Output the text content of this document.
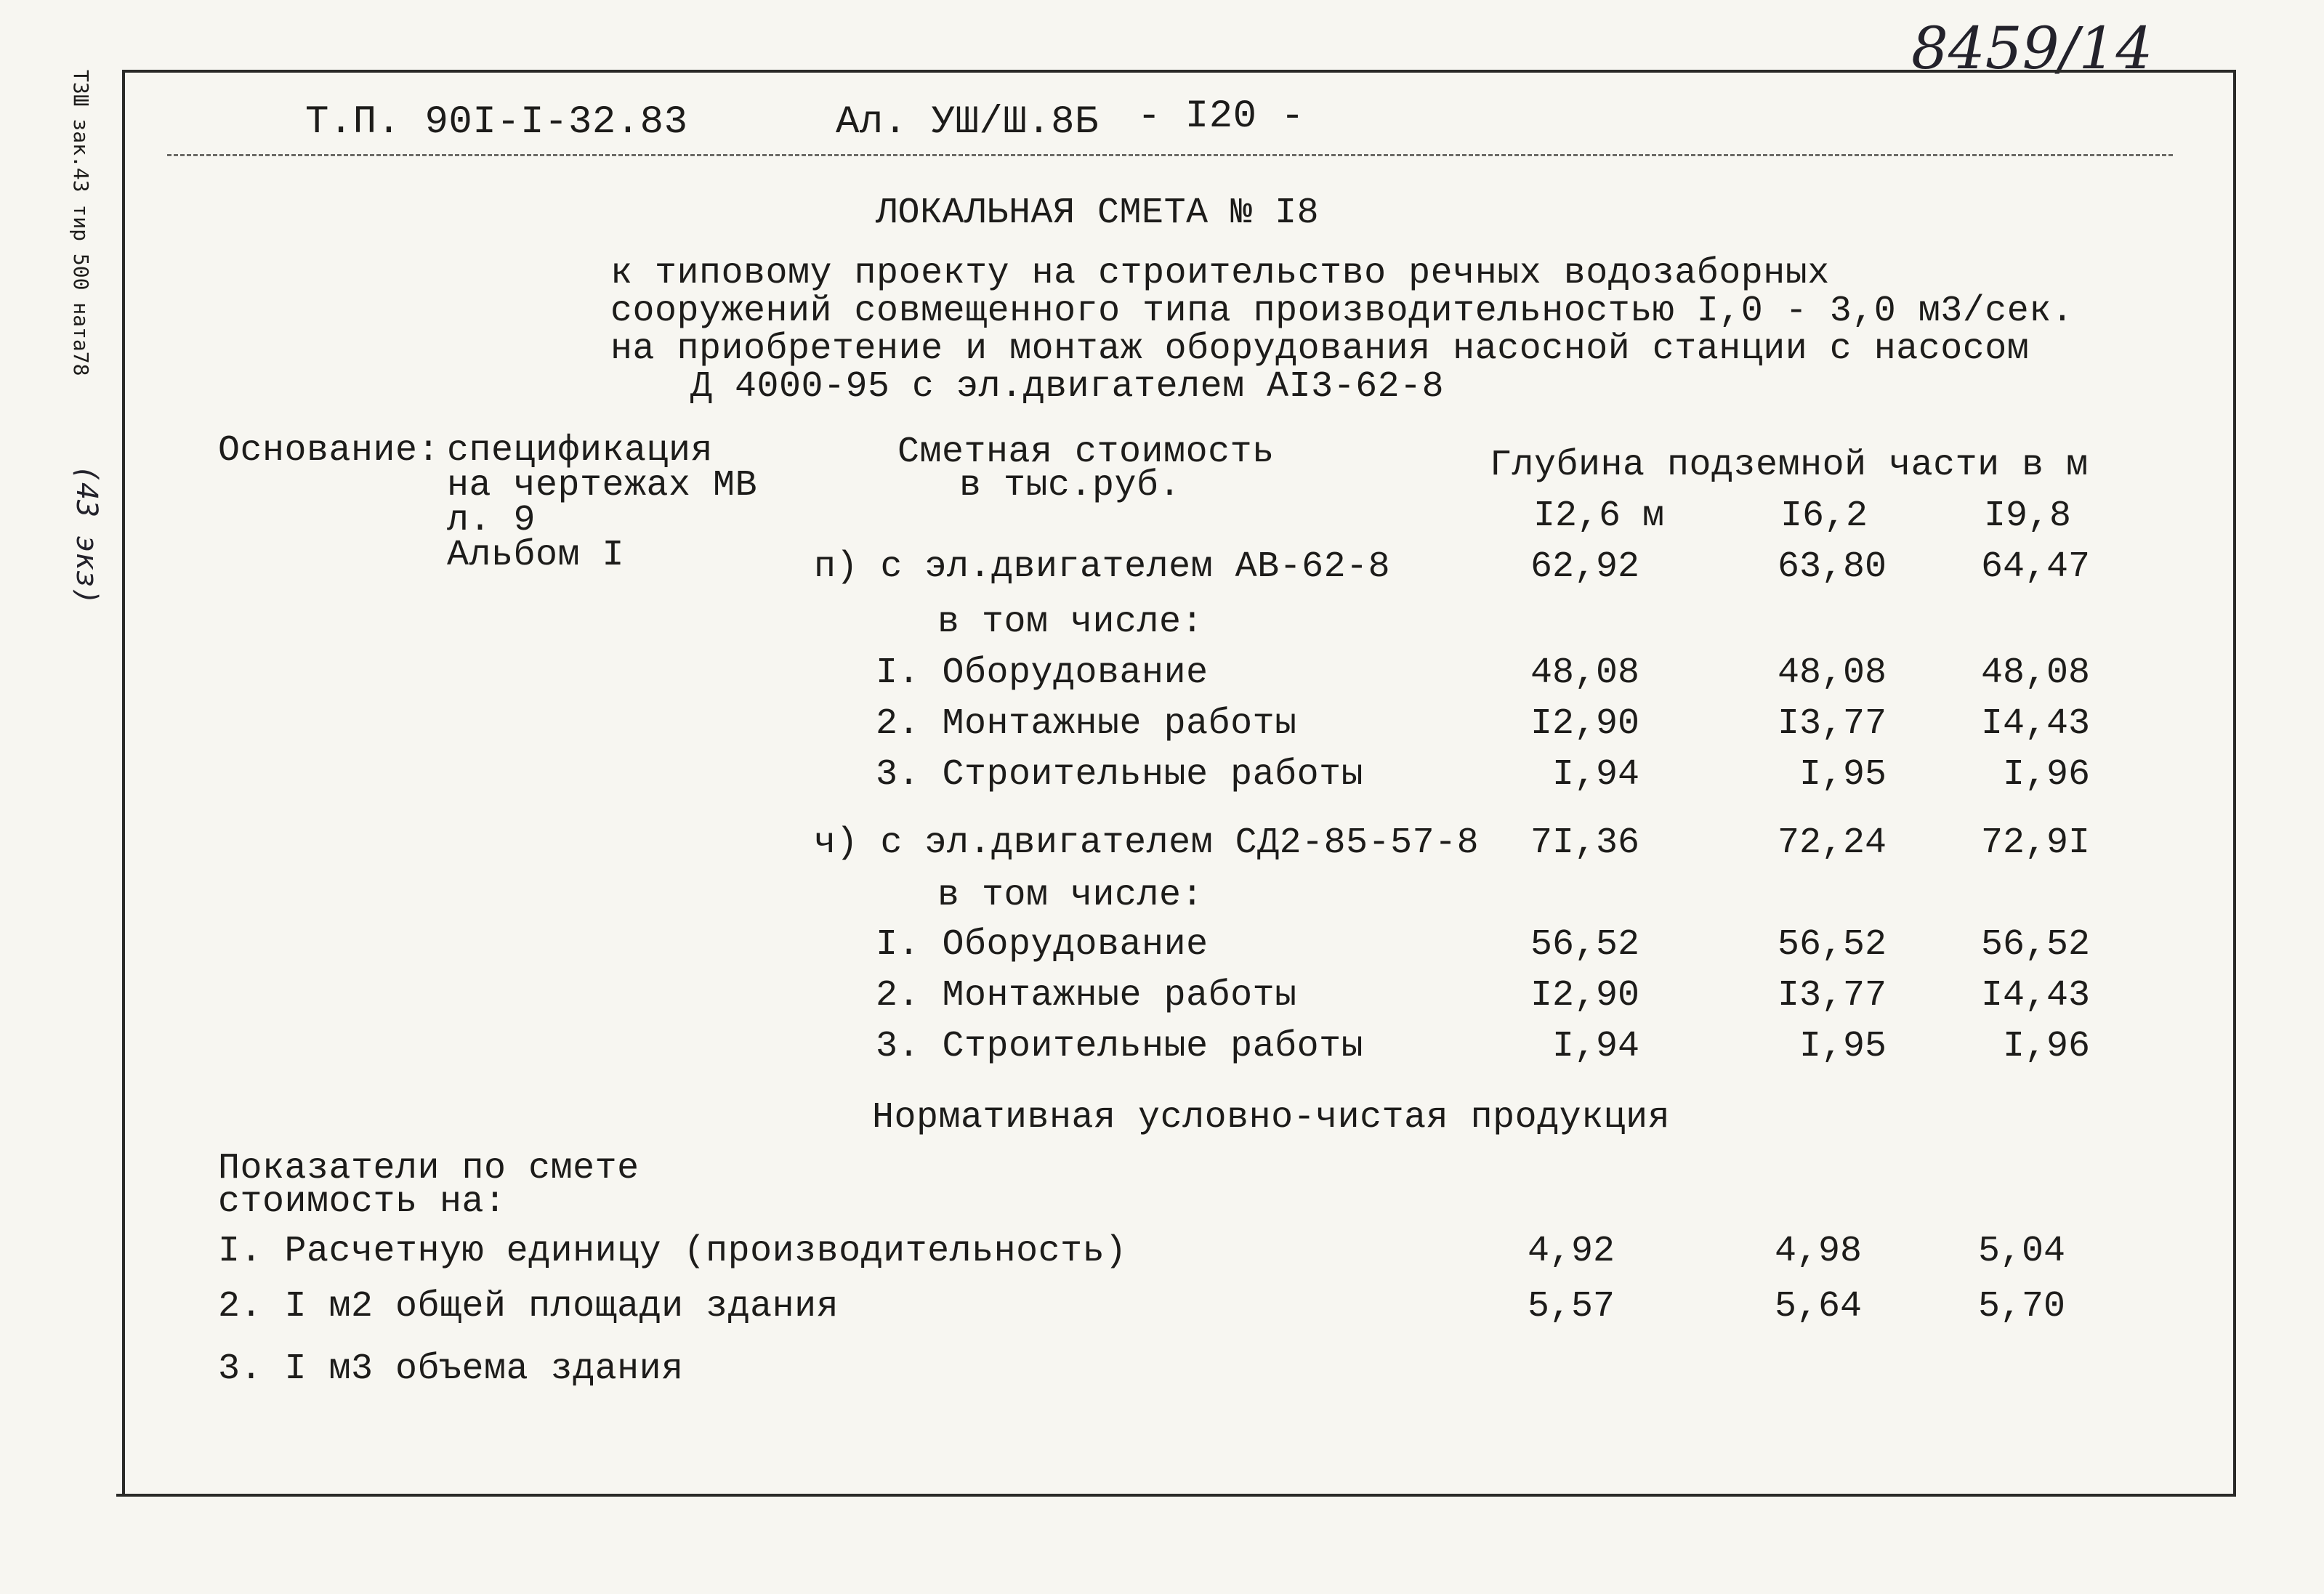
ТЗШ зак.43 тир 500 ната78
(43 экз)
8459/14
Т.П. 90I-I-32.83	Ал. УШ/Ш.8Б - I20 -
ЛОКАЛЬНАЯ СМЕТА № I8
к типовому проекту на строительство речных водозаборных
сооружений совмещенного типа производительностью I,0 - 3,0 м3/сек.
на приобретение и монтаж оборудования насосной станции с насосом
Д 4000-95 с эл.двигателем АI3-62-8
Основание: спецификация
на чертежах МВ
л. 9
Альбом I
Сметная стоимость
в тыс.руб.	Глубина подземной части в м
I2,6 м	I6,2	I9,8
п) с эл.двигателем АВ-62-8	62,92	63,80	64,47
в том числе:
I. Оборудование	48,08	48,08	48,08
2. Монтажные работы	I2,90	I3,77	I4,43
3. Строительные работы	I,94	I,95	I,96
ч) с эл.двигателем СД2-85-57-8	7I,36	72,24	72,9I
в том числе:
I. Оборудование	56,52	56,52	56,52
2. Монтажные работы	I2,90	I3,77	I4,43
3. Строительные работы	I,94	I,95	I,96
Нормативная условно-чистая продукция
Показатели по смете
стоимость на:
I. Расчетную единицу (производительность)	4,92	4,98	5,04
2. I м2 общей площади здания	5,57	5,64	5,70
3. I м3 объема здания
